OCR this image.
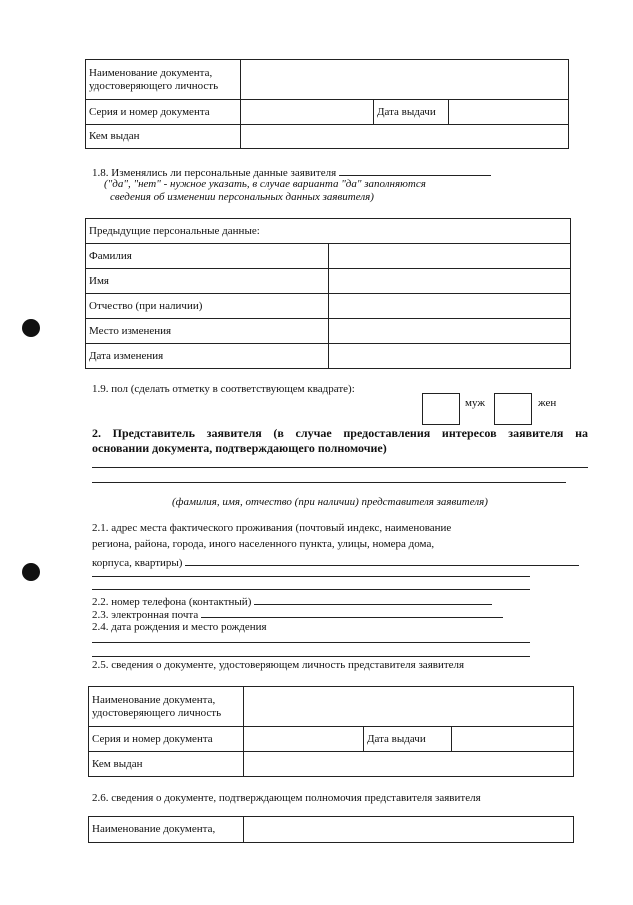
Наименование документа, удостоверяющего личность			
Серия и номер документа		Дата выдачи	
Кем выдан			
1.8. Изменялись ли персональные данные заявителя
("да", "нет" - нужное указать, в случае варианта "да" заполняются
сведения об изменении персональных данных заявителя)
Предыдущие персональные данные:	
Фамилия	
Имя	
Отчество (при наличии)	
Место изменения	
Дата изменения	
1.9. пол (сделать отметку в соответствующем квадрате):
муж	жен
2. Представитель заявителя (в случае предоставления интересов заявителя на
основании документа, подтверждающего полномочие)
(фамилия, имя, отчество (при наличии) представителя заявителя)
2.1. адрес места фактического проживания (почтовый индекс, наименование
региона, района, города, иного населенного пункта, улицы, номера дома,
корпуса, квартиры)
2.2. номер телефона (контактный)
2.3. электронная почта
2.4. дата рождения и место рождения
2.5. сведения о документе, удостоверяющем личность представителя заявителя
Наименование документа, удостоверяющего личность			
Серия и номер документа		Дата выдачи	
Кем выдан			
2.6. сведения о документе, подтверждающем полномочия представителя заявителя
Наименование документа,	
